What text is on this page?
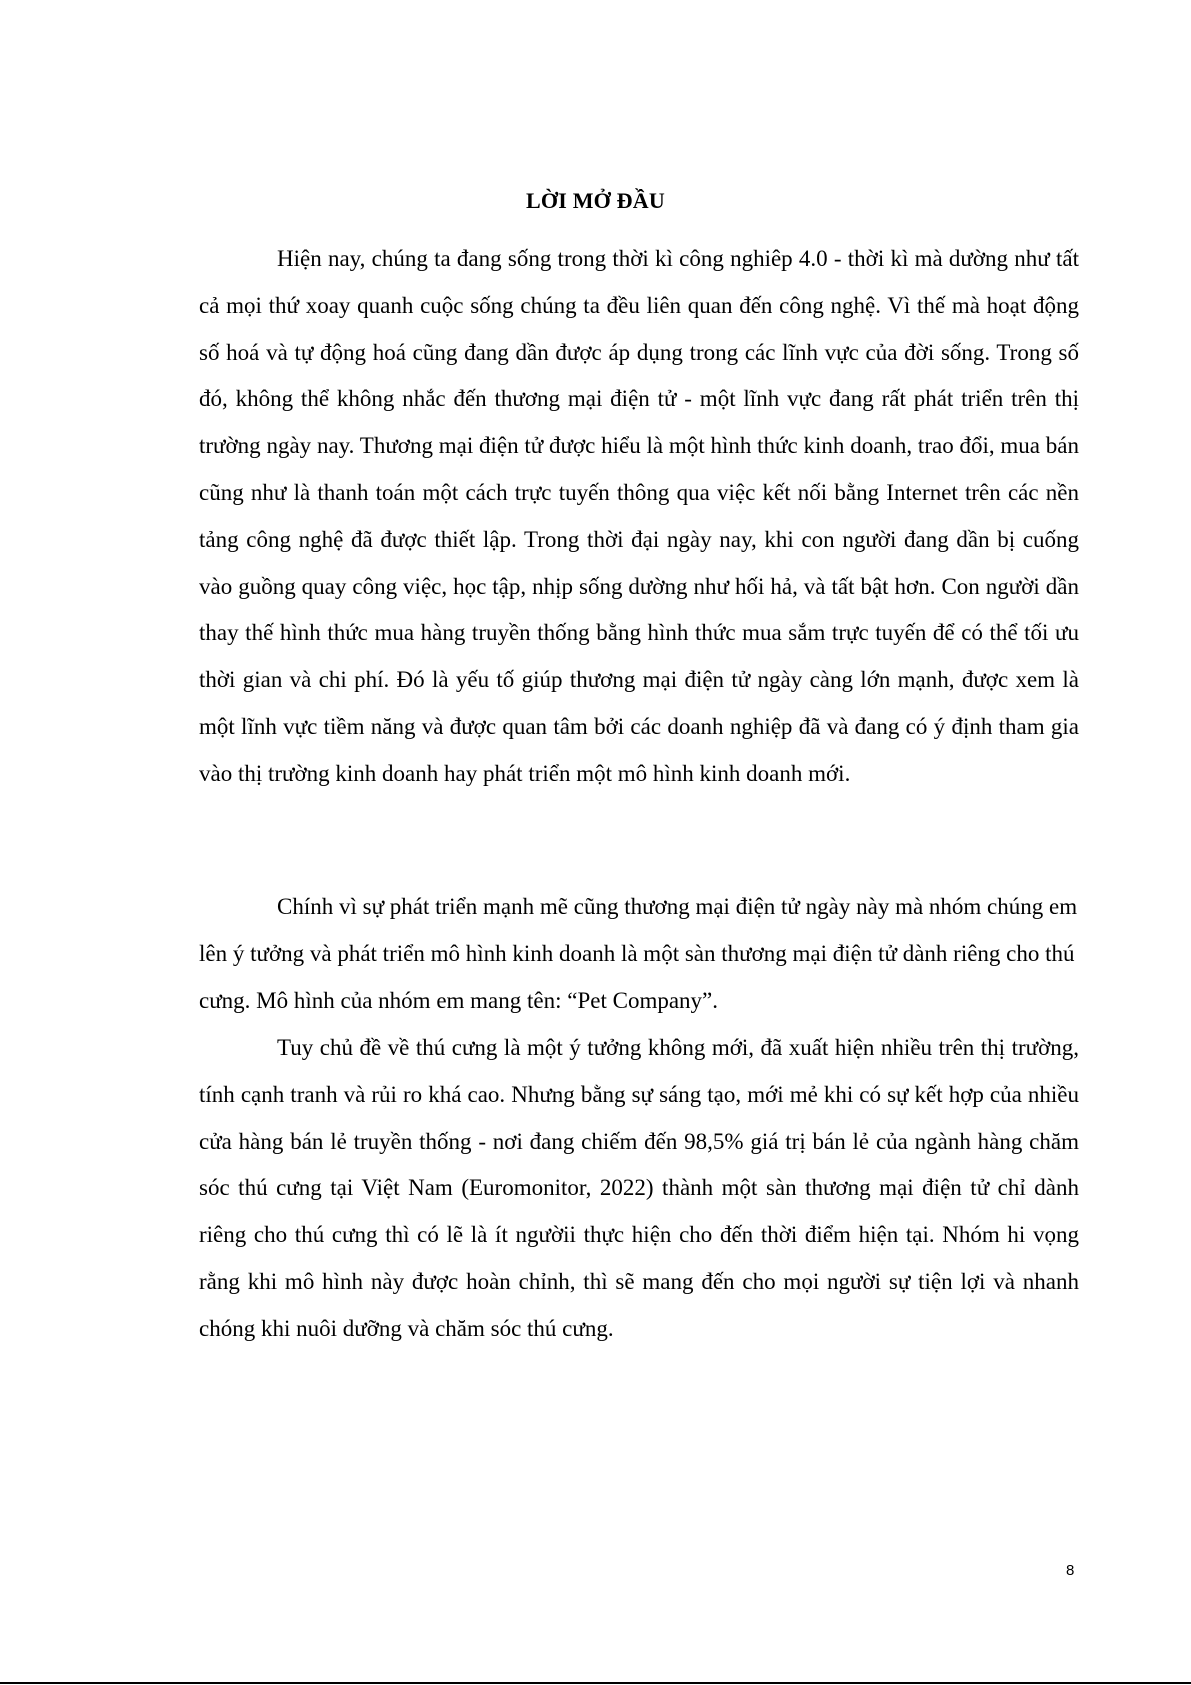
LỜI MỞ ĐẦU

Hiện nay, chúng ta đang sống trong thời kì công nghiêp 4.0 - thời kì mà dường như tất cả mọi thứ xoay quanh cuộc sống chúng ta đều liên quan đến công nghệ. Vì thế mà hoạt động số hoá và tự động hoá cũng đang dần được áp dụng trong các lĩnh vực của đời sống. Trong số đó, không thể không nhắc đến thương mại điện tử - một lĩnh vực đang rất phát triển trên thị trường ngày nay. Thương mại điện tử được hiểu là một hình thức kinh doanh, trao đổi, mua bán cũng như là thanh toán một cách trực tuyến thông qua việc kết nối bằng Internet trên các nền tảng công nghệ đã được thiết lập. Trong thời đại ngày nay, khi con người đang dần bị cuống vào guồng quay công việc, học tập, nhịp sống dường như hối hả, và tất bật hơn. Con người dần thay thế hình thức mua hàng truyền thống bằng hình thức mua sắm trực tuyến để có thể tối ưu thời gian và chi phí. Đó là yếu tố giúp thương mại điện tử ngày càng lớn mạnh, được xem là một lĩnh vực tiềm năng và được quan tâm bởi các doanh nghiệp đã và đang có ý định tham gia vào thị trường kinh doanh hay phát triển một mô hình kinh doanh mới.

Chính vì sự phát triển mạnh mẽ cũng thương mại điện tử ngày này mà nhóm chúng em lên ý tưởng và phát triển mô hình kinh doanh là một sàn thương mại điện tử dành riêng cho thú cưng. Mô hình của nhóm em mang tên: “Pet Company”.

Tuy chủ đề về thú cưng là một ý tưởng không mới, đã xuất hiện nhiều trên thị trường, tính cạnh tranh và rủi ro khá cao. Nhưng bằng sự sáng tạo, mới mẻ khi có sự kết hợp của nhiều cửa hàng bán lẻ truyền thống - nơi đang chiếm đến 98,5% giá trị bán lẻ của ngành hàng chăm sóc thú cưng tại Việt Nam (Euromonitor, 2022) thành một sàn thương mại điện tử chỉ dành riêng cho thú cưng thì có lẽ là ít ngườii thực hiện cho đến thời điểm hiện tại. Nhóm hi vọng rằng khi mô hình này được hoàn chỉnh, thì sẽ mang đến cho mọi người sự tiện lợi và nhanh chóng khi nuôi dưỡng và chăm sóc thú cưng.

8
